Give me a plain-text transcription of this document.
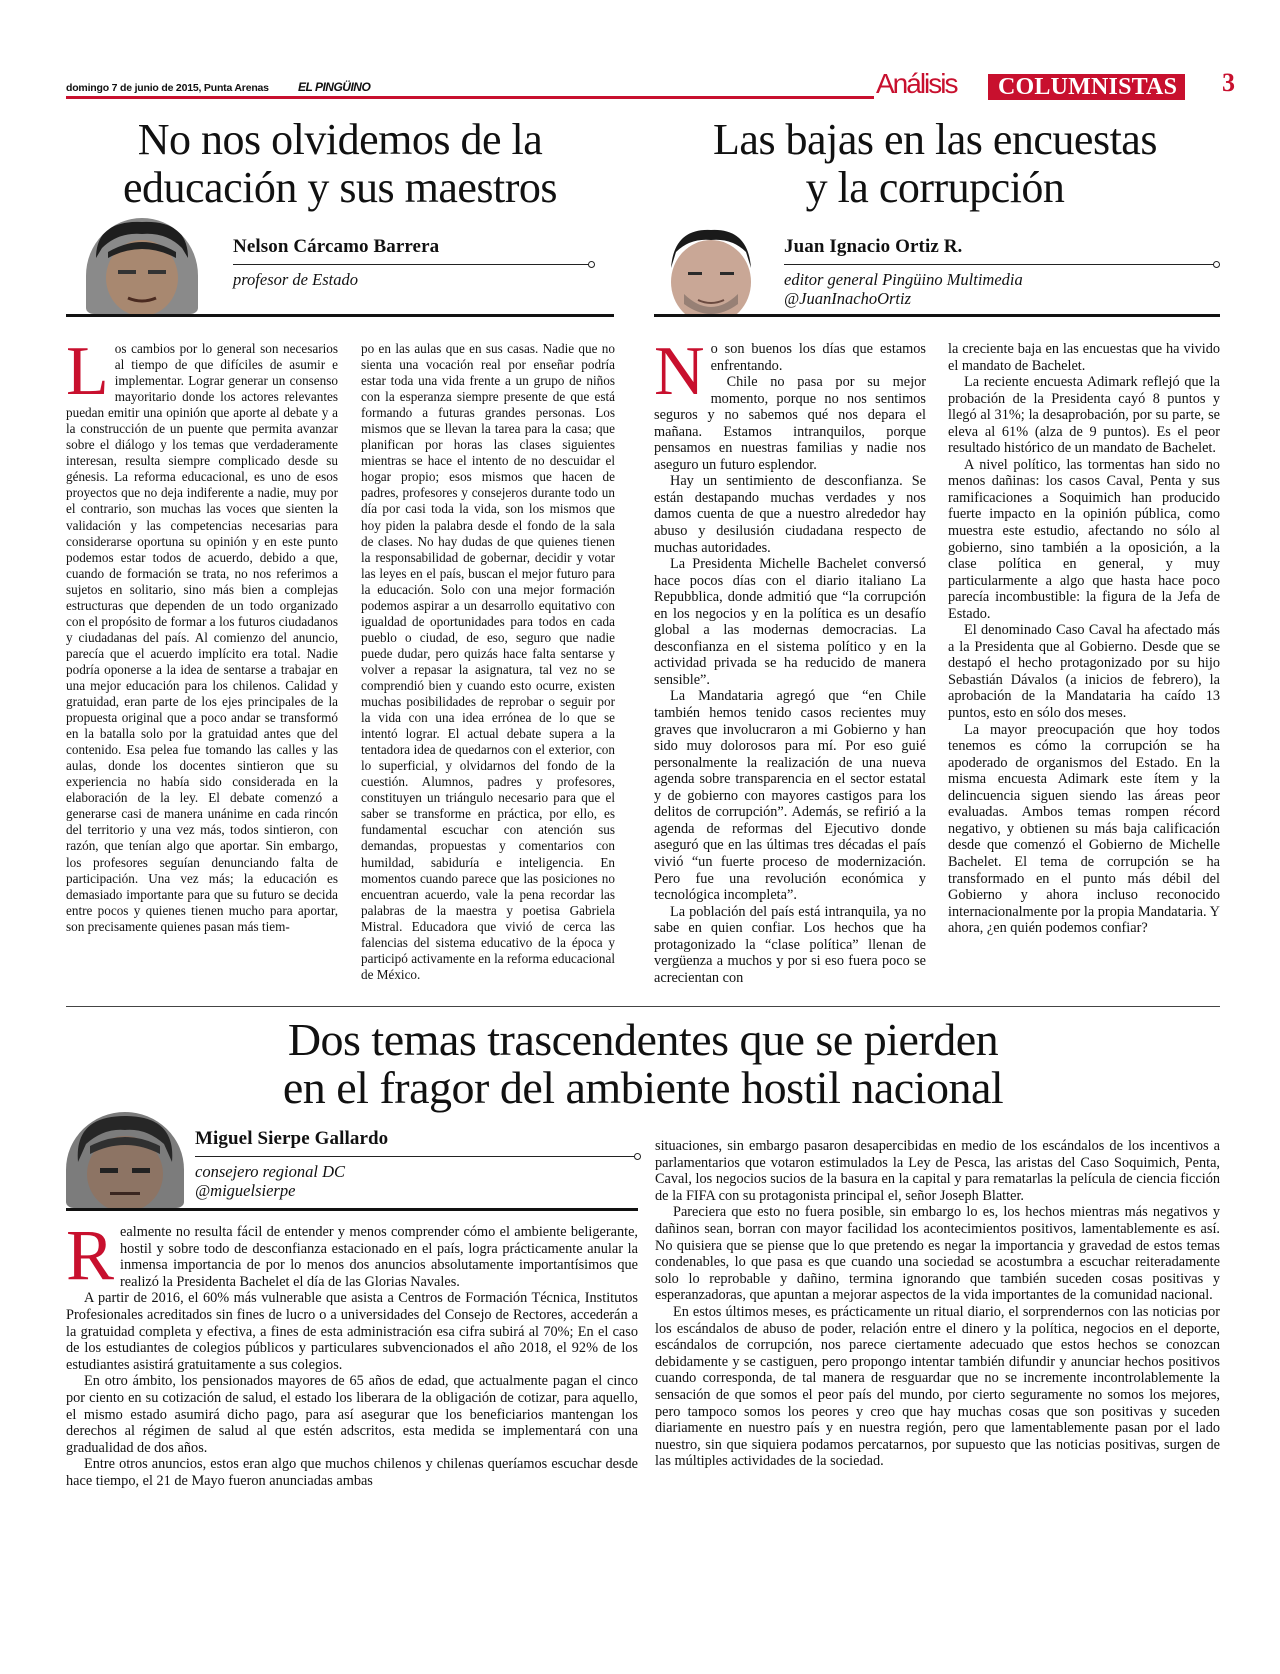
domingo 7 de junio de 2015, Punta Arenas EL PINGÜINO	Análisis	COLUMNISTAS	3
No nos olvidemos de la
educación y sus maestros
Nelson Cárcamo Barrera
profesor de Estado
L os cambios por lo general son necesarios al tiempo de que difíciles de asumir e implementar. Lograr generar un consenso mayoritario donde los actores relevantes puedan emitir una opinión que aporte al debate y a la construcción de un puente que permita avanzar sobre el diálogo y los temas que verdaderamente interesan, resulta siempre complicado desde su génesis. La reforma educacional, es uno de esos proyectos que no deja indiferente a nadie, muy por el contrario, son muchas las voces que sienten la validación y las competencias necesarias para considerarse oportuna su opinión y en este punto podemos estar todos de acuerdo, debido a que, cuando de formación se trata, no nos referimos a sujetos en solitario, sino más bien a complejas estructuras que dependen de un todo organizado con el propósito de formar a los futuros ciudadanos y ciudadanas del país. Al comienzo del anuncio, parecía que el acuerdo implícito era total. Nadie podría oponerse a la idea de sentarse a trabajar en una mejor educación para los chilenos. Calidad y gratuidad, eran parte de los ejes principales de la propuesta original que a poco andar se transformó en la batalla solo por la gratuidad antes que del contenido. Esa pelea fue tomando las calles y las aulas, donde los docentes sintieron que su experiencia no había sido considerada en la elaboración de la ley. El debate comenzó a generarse casi de manera unánime en cada rincón del territorio y una vez más, todos sintieron, con razón, que tenían algo que aportar. Sin embargo, los profesores seguían denunciando falta de participación. Una vez más; la educación es demasiado importante para que su futuro se decida entre pocos y quienes tienen mucho para aportar, son precisamente quienes pasan más tiem-

po en las aulas que en sus casas. Nadie que no sienta una vocación real por enseñar podría estar toda una vida frente a un grupo de niños con la esperanza siempre presente de que está formando a futuras grandes personas. Los mismos que se llevan la tarea para la casa; que planifican por horas las clases siguientes mientras se hace el intento de no descuidar el hogar propio; esos mismos que hacen de padres, profesores y consejeros durante todo un día por casi toda la vida, son los mismos que hoy piden la palabra desde el fondo de la sala de clases. No hay dudas de que quienes tienen la responsabilidad de gobernar, decidir y votar las leyes en el país, buscan el mejor futuro para la educación. Solo con una mejor formación podemos aspirar a un desarrollo equitativo con igualdad de oportunidades para todos en cada pueblo o ciudad, de eso, seguro que nadie puede dudar, pero quizás hace falta sentarse y volver a repasar la asignatura, tal vez no se comprendió bien y cuando esto ocurre, existen muchas posibilidades de reprobar o seguir por la vida con una idea errónea de lo que se intentó lograr. El actual debate supera a la tentadora idea de quedarnos con el exterior, con lo superficial, y olvidarnos del fondo de la cuestión. Alumnos, padres y profesores, constituyen un triángulo necesario para que el saber se transforme en práctica, por ello, es fundamental escuchar con atención sus demandas, propuestas y comentarios con humildad, sabiduría e inteligencia. En momentos cuando parece que las posiciones no encuentran acuerdo, vale la pena recordar las palabras de la maestra y poetisa Gabriela Mistral. Educadora que vivió de cerca las falencias del sistema educativo de la época y participó activamente en la reforma educacional de México.

Las bajas en las encuestas
y la corrupción
Juan Ignacio Ortiz R.
editor general Pingüino Multimedia
@JuanInachoOrtiz
N o son buenos los días que estamos enfrentando.

Chile no pasa por su mejor momento, porque no nos sentimos seguros y no sabemos qué nos depara el mañana. Estamos intranquilos, porque pensamos en nuestras familias y nadie nos aseguro un futuro esplendor.

Hay un sentimiento de desconfianza. Se están destapando muchas verdades y nos damos cuenta de que a nuestro alrededor hay abuso y desilusión ciudadana respecto de muchas autoridades.

La Presidenta Michelle Bachelet conversó hace pocos días con el diario italiano La Repubblica, donde admitió que “la corrupción en los negocios y en la política es un desafío global a las modernas democracias. La desconfianza en el sistema político y en la actividad privada se ha reducido de manera sensible”.

La Mandataria agregó que “en Chile también hemos tenido casos recientes muy graves que involucraron a mi Gobierno y han sido muy dolorosos para mí. Por eso guié personalmente la realización de una nueva agenda sobre transparencia en el sector estatal y de gobierno con mayores castigos para los delitos de corrupción”. Además, se refirió a la agenda de reformas del Ejecutivo donde aseguró que en las últimas tres décadas el país vivió “un fuerte proceso de modernización. Pero fue una revolución económica y tecnológica incompleta”.

La población del país está intranquila, ya no sabe en quien confiar. Los hechos que ha protagonizado la “clase política” llenan de vergüenza a muchos y por si eso fuera poco se acrecientan con

la creciente baja en las encuestas que ha vivido el mandato de Bachelet.

La reciente encuesta Adimark reflejó que la probación de la Presidenta cayó 8 puntos y llegó al 31%; la desaprobación, por su parte, se eleva al 61% (alza de 9 puntos). Es el peor resultado histórico de un mandato de Bachelet.

A nivel político, las tormentas han sido no menos dañinas: los casos Caval, Penta y sus ramificaciones a Soquimich han producido fuerte impacto en la opinión pública, como muestra este estudio, afectando no sólo al gobierno, sino también a la oposición, a la clase política en general, y muy particularmente a algo que hasta hace poco parecía incombustible: la figura de la Jefa de Estado.

El denominado Caso Caval ha afectado más a la Presidenta que al Gobierno. Desde que se destapó el hecho protagonizado por su hijo Sebastián Dávalos (a inicios de febrero), la aprobación de la Mandataria ha caído 13 puntos, esto en sólo dos meses.

La mayor preocupación que hoy todos tenemos es cómo la corrupción se ha apoderado de organismos del Estado. En la misma encuesta Adimark este ítem y la delincuencia siguen siendo las áreas peor evaluadas. Ambos temas rompen récord negativo, y obtienen su más baja calificación desde que comenzó el Gobierno de Michelle Bachelet. El tema de corrupción se ha transformado en el punto más débil del Gobierno y ahora incluso reconocido internacionalmente por la propia Mandataria. Y ahora, ¿en quién podemos confiar?

Dos temas trascendentes que se pierden
en el fragor del ambiente hostil nacional
Miguel Sierpe Gallardo
consejero regional DC
@miguelsierpe
R ealmente no resulta fácil de entender y menos comprender cómo el ambiente beligerante, hostil y sobre todo de desconfianza estacionado en el país, logra prácticamente anular la inmensa importancia de por lo menos dos anuncios absolutamente importantísimos que realizó la Presidenta Bachelet el día de las Glorias Navales.

A partir de 2016, el 60% más vulnerable que asista a Centros de Formación Técnica, Institutos Profesionales acreditados sin fines de lucro o a universidades del Consejo de Rectores, accederán a la gratuidad completa y efectiva, a fines de esta administración esa cifra subirá al 70%; En el caso de los estudiantes de colegios públicos y particulares subvencionados el año 2018, el 92% de los estudiantes asistirá gratuitamente a sus colegios.

En otro ámbito, los pensionados mayores de 65 años de edad, que actualmente pagan el cinco por ciento en su cotización de salud, el estado los liberara de la obligación de cotizar, para aquello, el mismo estado asumirá dicho pago, para así asegurar que los beneficiarios mantengan los derechos al régimen de salud al que estén adscritos, esta medida se implementará con una gradualidad de dos años.

Entre otros anuncios, estos eran algo que muchos chilenos y chilenas queríamos escuchar desde hace tiempo, el 21 de Mayo fueron anunciadas ambas

situaciones, sin embargo pasaron desapercibidas en medio de los escándalos de los incentivos a parlamentarios que votaron estimulados la Ley de Pesca, las aristas del Caso Soquimich, Penta, Caval, los negocios sucios de la basura en la capital y para rematarlas la película de ciencia ficción de la FIFA con su protagonista principal el, señor Joseph Blatter.

Pareciera que esto no fuera posible, sin embargo lo es, los hechos mientras más negativos y dañinos sean, borran con mayor facilidad los acontecimientos positivos, lamentablemente es así. No quisiera que se piense que lo que pretendo es negar la importancia y gravedad de estos temas condenables, lo que pasa es que cuando una sociedad se acostumbra a escuchar reiteradamente solo lo reprobable y dañino, termina ignorando que también suceden cosas positivas y esperanzadoras, que apuntan a mejorar aspectos de la vida importantes de la comunidad nacional.

En estos últimos meses, es prácticamente un ritual diario, el sorprendernos con las noticias por los escándalos de abuso de poder, relación entre el dinero y la política, negocios en el deporte, escándalos de corrupción, nos parece ciertamente adecuado que estos hechos se conozcan debidamente y se castiguen, pero propongo intentar también difundir y anunciar hechos positivos cuando corresponda, de tal manera de resguardar que no se incremente incontrolablemente la sensación de que somos el peor país del mundo, por cierto seguramente no somos los mejores, pero tampoco somos los peores y creo que hay muchas cosas que son positivas y suceden diariamente en nuestro país y en nuestra región, pero que lamentablemente pasan por el lado nuestro, sin que siquiera podamos percatarnos, por supuesto que las noticias positivas, surgen de las múltiples actividades de la sociedad.
